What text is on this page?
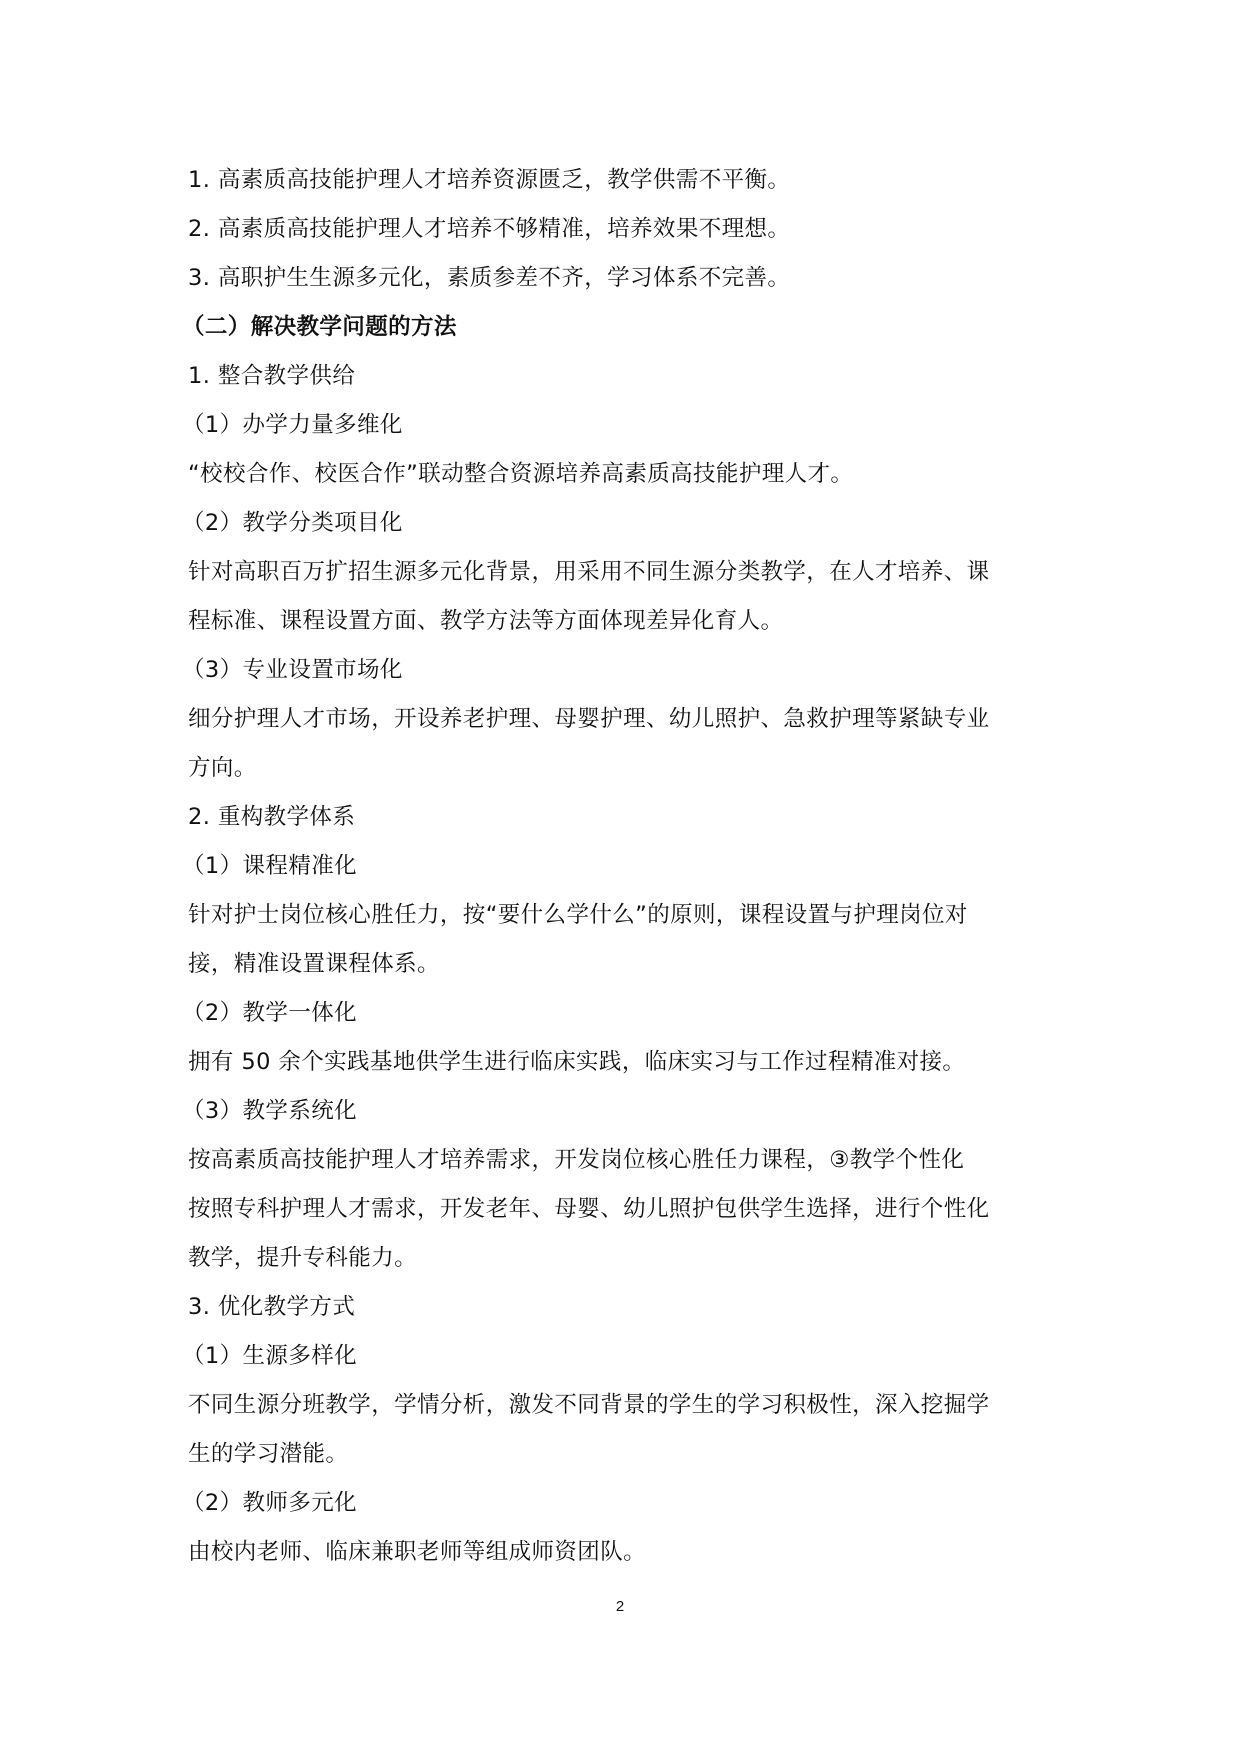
1. 高素质高技能护理人才培养资源匮乏，教学供需不平衡。
2. 高素质高技能护理人才培养不够精准，培养效果不理想。
3. 高职护生生源多元化，素质参差不齐，学习体系不完善。
（二）解决教学问题的方法
1. 整合教学供给
（1）办学力量多维化
“校校合作、校医合作”联动整合资源培养高素质高技能护理人才。
（2）教学分类项目化
针对高职百万扩招生源多元化背景，用采用不同生源分类教学，在人才培养、课
程标准、课程设置方面、教学方法等方面体现差异化育人。
（3）专业设置市场化
细分护理人才市场，开设养老护理、母婴护理、幼儿照护、急救护理等紧缺专业
方向。
2. 重构教学体系
（1）课程精准化
针对护士岗位核心胜任力，按“要什么学什么”的原则，课程设置与护理岗位对
接，精准设置课程体系。
（2）教学一体化
拥有 50 余个实践基地供学生进行临床实践，临床实习与工作过程精准对接。
（3）教学系统化
按高素质高技能护理人才培养需求，开发岗位核心胜任力课程，③教学个性化
按照专科护理人才需求，开发老年、母婴、幼儿照护包供学生选择，进行个性化
教学，提升专科能力。
3. 优化教学方式
（1）生源多样化
不同生源分班教学，学情分析，激发不同背景的学生的学习积极性，深入挖掘学
生的学习潜能。
（2）教师多元化
由校内老师、临床兼职老师等组成师资团队。
2
